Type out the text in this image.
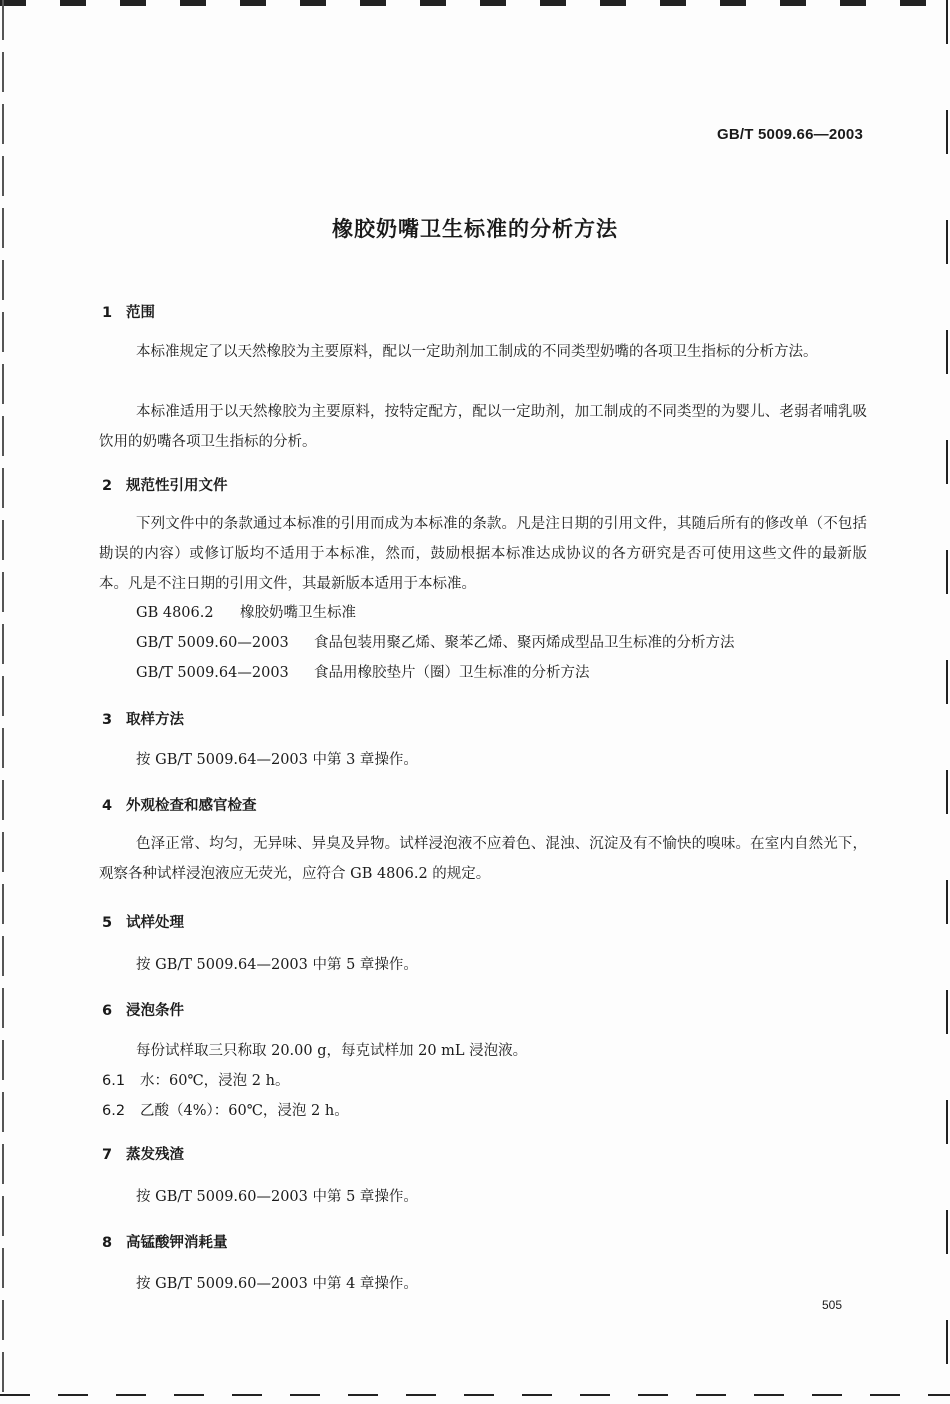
GB/T 5009.66—2003
橡胶奶嘴卫生标准的分析方法
1 范围
本标准规定了以天然橡胶为主要原料，配以一定助剂加工制成的不同类型奶嘴的各项卫生指标的分析方法。
本标准适用于以天然橡胶为主要原料，按特定配方，配以一定助剂，加工制成的不同类型的为婴儿、老弱者哺乳吸饮用的奶嘴各项卫生指标的分析。
2 规范性引用文件
下列文件中的条款通过本标准的引用而成为本标准的条款。凡是注日期的引用文件，其随后所有的修改单（不包括勘误的内容）或修订版均不适用于本标准，然而，鼓励根据本标准达成协议的各方研究是否可使用这些文件的最新版本。凡是不注日期的引用文件，其最新版本适用于本标准。
GB 4806.2 橡胶奶嘴卫生标准
GB/T 5009.60—2003 食品包装用聚乙烯、聚苯乙烯、聚丙烯成型品卫生标准的分析方法
GB/T 5009.64—2003 食品用橡胶垫片（圈）卫生标准的分析方法
3 取样方法
按 GB/T 5009.64—2003 中第 3 章操作。
4 外观检查和感官检查
色泽正常、均匀，无异味、异臭及异物。试样浸泡液不应着色、混浊、沉淀及有不愉快的嗅味。在室内自然光下，观察各种试样浸泡液应无荧光，应符合 GB 4806.2 的规定。
5 试样处理
按 GB/T 5009.64—2003 中第 5 章操作。
6 浸泡条件
每份试样取三只称取 20.00 g，每克试样加 20 mL 浸泡液。
6.1 水：60℃，浸泡 2 h。
6.2 乙酸（4%）：60℃，浸泡 2 h。
7 蒸发残渣
按 GB/T 5009.60—2003 中第 5 章操作。
8 高锰酸钾消耗量
按 GB/T 5009.60—2003 中第 4 章操作。
505
